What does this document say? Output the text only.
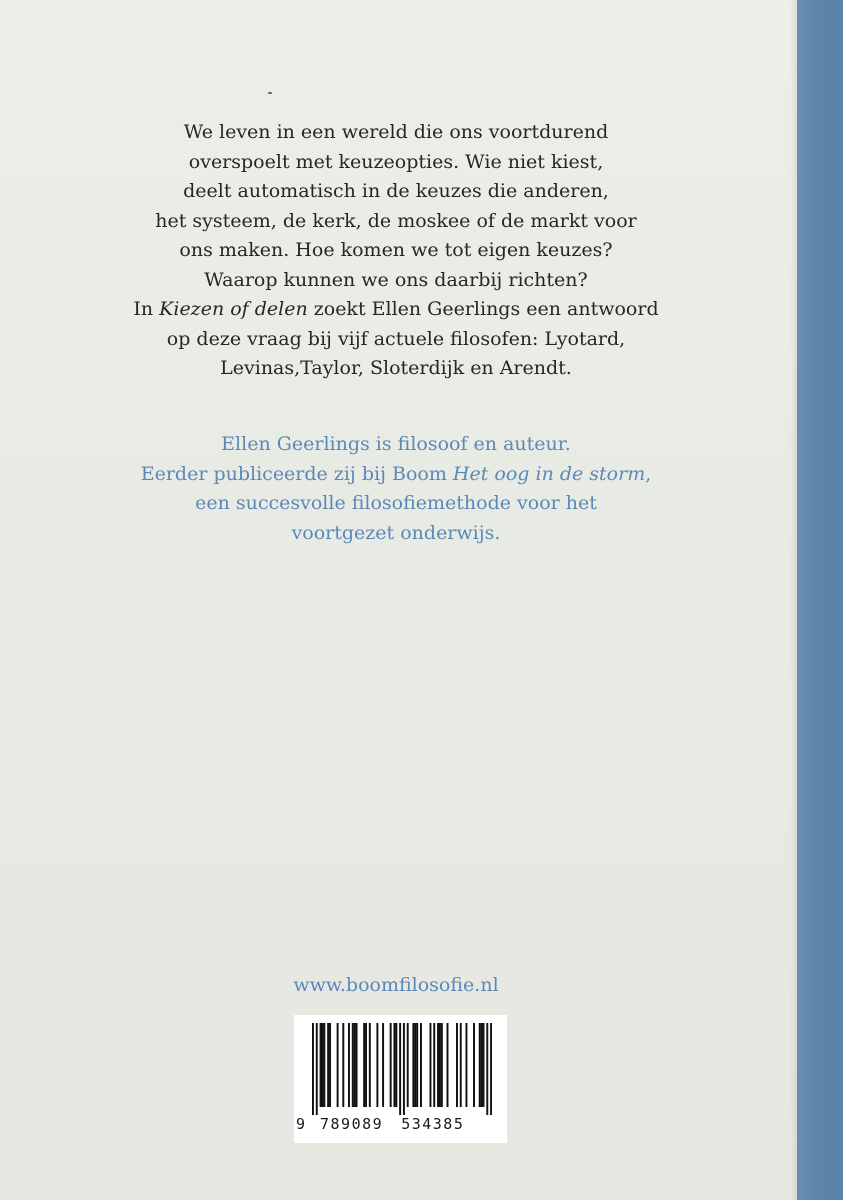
We leven in een wereld die ons voortdurend
overspoelt met keuzeopties. Wie niet kiest,
deelt automatisch in de keuzes die anderen,
het systeem, de kerk, de moskee of de markt voor
ons maken. Hoe komen we tot eigen keuzes?
Waarop kunnen we ons daarbij richten?
In Kiezen of delen zoekt Ellen Geerlings een antwoord
op deze vraag bij vijf actuele filosofen: Lyotard,
Levinas,Taylor, Sloterdijk en Arendt.
Ellen Geerlings is filosoof en auteur.
Eerder publiceerde zij bij Boom Het oog in de storm,
een succesvolle filosofiemethode voor het
voortgezet onderwijs.
www.boomfilosofie.nl
9 789089 534385
